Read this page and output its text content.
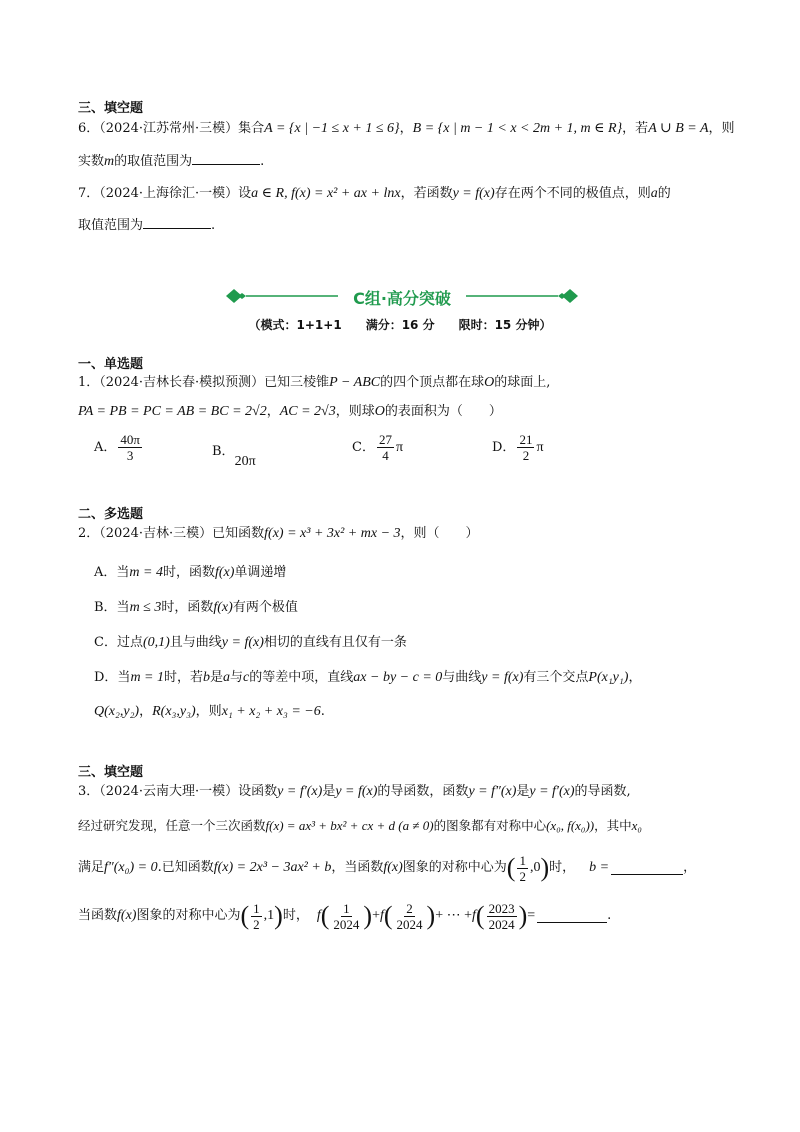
三、填空题
6．（2024·江苏常州·三模）集合A = {x | −1 ≤ x + 1 ≤ 6}，B = {x | m − 1 < x < 2m + 1, m ∈ R}，若A ∪ B = A，则
实数m的取值范围为	.
7．（2024·上海徐汇·一模）设a ∈ R, f(x) = x² + ax + lnx，若函数y = f(x)存在两个不同的极值点，则a的
取值范围为	.
C组·高分突破
（模式：1+1+1　　满分：16 分　　限时：15 分钟）
一、单选题
1．（2024·吉林长春·模拟预测）已知三棱锥P − ABC的四个顶点都在球O的球面上,
PA = PB = PC = AB = BC = 2√2，AC = 2√3，则球O的表面积为（　　）
A． $\frac{40\pi}{3}$	B．20π
C． $\frac{27}{4}$ π	D． $\frac{21}{2}$ π
二、多选题
2．（2024·吉林·三模）已知函数f(x) = x³ + 3x² + mx − 3，则（　　）
A．当m = 4时，函数f(x)单调递增
B．当m ≤ 3时，函数f(x)有两个极值
C．过点(0,1)且与曲线y = f(x)相切的直线有且仅有一条
D．当m = 1时，若b是a与c的等差中项，直线ax − by − c = 0与曲线y = f(x)有三个交点P(x₁y₁)，
Q(x₂,y₂)，R(x₃,y₃)，则x₁ + x₂ + x₃ = −6.
三、填空题
3．（2024·云南大理·一模）设函数y = f′(x)是y = f(x)的导函数，函数y = f″(x)是y = f′(x)的导函数,
经过研究发现，任意一个三次函数f(x) = ax³ + bx² + cx + d (a ≠ 0)的图象都有对称中心(x₀, f(x₀))，其中x₀
满足 f″(x₀) = 0 .已知函数 f(x) = 2x³ − 3ax² + b ，当函数 f(x) 图象的对称中心为 ( $\frac{1}{2} ,0$ ) 时， b =	，
当函数 f(x) 图象的对称中心为 ( $\frac{1}{2} ,1$ ) 时， f ( $\frac{1}{2024}$ ) + f ( $\frac{2}{2024}$ ) + ⋯ + f ( $\frac{2023}{2024}$ ) =	.
